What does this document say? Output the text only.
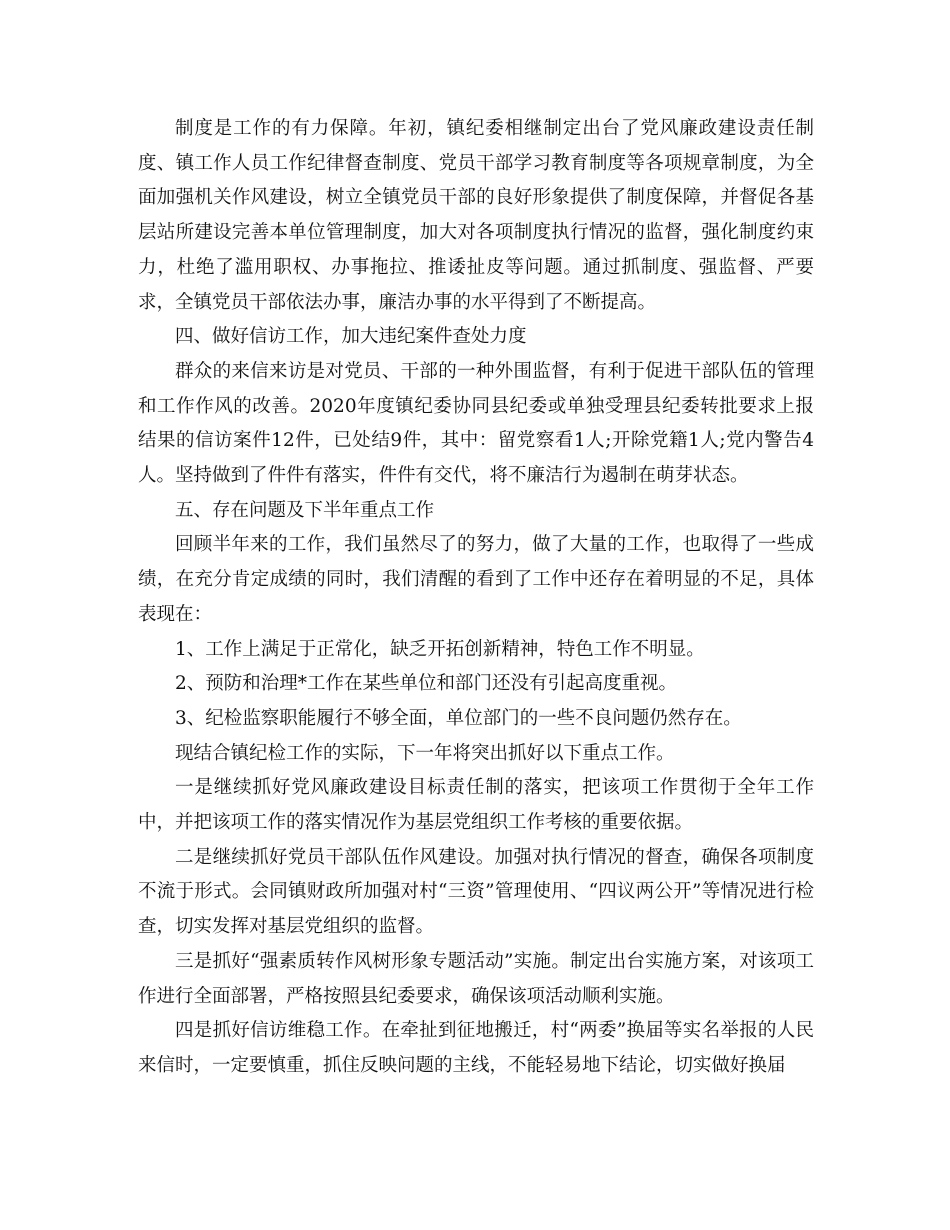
制度是工作的有力保障。年初，镇纪委相继制定出台了党风廉政建设责任制度、镇工作人员工作纪律督查制度、党员干部学习教育制度等各项规章制度，为全面加强机关作风建设，树立全镇党员干部的良好形象提供了制度保障，并督促各基层站所建设完善本单位管理制度，加大对各项制度执行情况的监督，强化制度约束力，杜绝了滥用职权、办事拖拉、推诿扯皮等问题。通过抓制度、强监督、严要求，全镇党员干部依法办事，廉洁办事的水平得到了不断提高。

四、做好信访工作，加大违纪案件查处力度

群众的来信来访是对党员、干部的一种外围监督，有利于促进干部队伍的管理和工作作风的改善。2020年度镇纪委协同县纪委或单独受理县纪委转批要求上报结果的信访案件12件，已处结9件，其中：留党察看1人;开除党籍1人;党内警告4人。坚持做到了件件有落实，件件有交代，将不廉洁行为遏制在萌芽状态。

五、存在问题及下半年重点工作

回顾半年来的工作，我们虽然尽了的努力，做了大量的工作，也取得了一些成绩，在充分肯定成绩的同时，我们清醒的看到了工作中还存在着明显的不足，具体表现在：

1、工作上满足于正常化，缺乏开拓创新精神，特色工作不明显。

2、预防和治理*工作在某些单位和部门还没有引起高度重视。

3、纪检监察职能履行不够全面，单位部门的一些不良问题仍然存在。

现结合镇纪检工作的实际，下一年将突出抓好以下重点工作。

一是继续抓好党风廉政建设目标责任制的落实，把该项工作贯彻于全年工作中，并把该项工作的落实情况作为基层党组织工作考核的重要依据。

二是继续抓好党员干部队伍作风建设。加强对执行情况的督查，确保各项制度不流于形式。会同镇财政所加强对村“三资”管理使用、“四议两公开”等情况进行检查，切实发挥对基层党组织的监督。

三是抓好“强素质转作风树形象专题活动”实施。制定出台实施方案，对该项工作进行全面部署，严格按照县纪委要求，确保该项活动顺利实施。

四是抓好信访维稳工作。在牵扯到征地搬迁，村“两委”换届等实名举报的人民来信时，一定要慎重，抓住反映问题的主线，不能轻易地下结论，切实做好换届
